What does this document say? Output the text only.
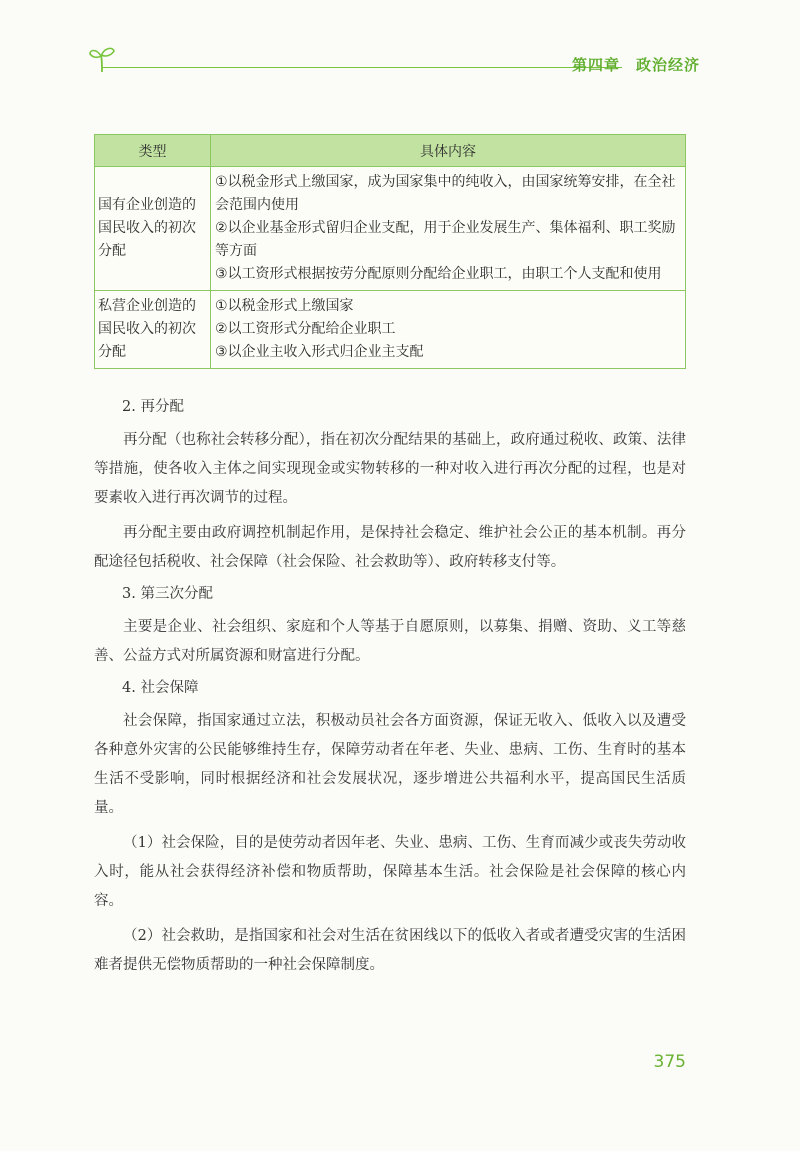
第四章　政治经济
类型	具体内容
国有企业创造的国民收入的初次分配	①以税金形式上缴国家，成为国家集中的纯收入，由国家统筹安排，在全社会范围内使用
②以企业基金形式留归企业支配，用于企业发展生产、集体福利、职工奖励等方面
③以工资形式根据按劳分配原则分配给企业职工，由职工个人支配和使用

私营企业创造的国民收入的初次分配	①以税金形式上缴国家
②以工资形式分配给企业职工
③以企业主收入形式归企业主支配
2. 再分配

再分配（也称社会转移分配），指在初次分配结果的基础上，政府通过税收、政策、法律等措施，使各收入主体之间实现现金或实物转移的一种对收入进行再次分配的过程，也是对要素收入进行再次调节的过程。

再分配主要由政府调控机制起作用，是保持社会稳定、维护社会公正的基本机制。再分配途径包括税收、社会保障（社会保险、社会救助等）、政府转移支付等。

3. 第三次分配

主要是企业、社会组织、家庭和个人等基于自愿原则，以募集、捐赠、资助、义工等慈善、公益方式对所属资源和财富进行分配。

4. 社会保障

社会保障，指国家通过立法，积极动员社会各方面资源，保证无收入、低收入以及遭受各种意外灾害的公民能够维持生存，保障劳动者在年老、失业、患病、工伤、生育时的基本生活不受影响，同时根据经济和社会发展状况，逐步增进公共福利水平，提高国民生活质量。

（1）社会保险，目的是使劳动者因年老、失业、患病、工伤、生育而减少或丧失劳动收入时，能从社会获得经济补偿和物质帮助，保障基本生活。社会保险是社会保障的核心内容。

（2）社会救助，是指国家和社会对生活在贫困线以下的低收入者或者遭受灾害的生活困难者提供无偿物质帮助的一种社会保障制度。

375
